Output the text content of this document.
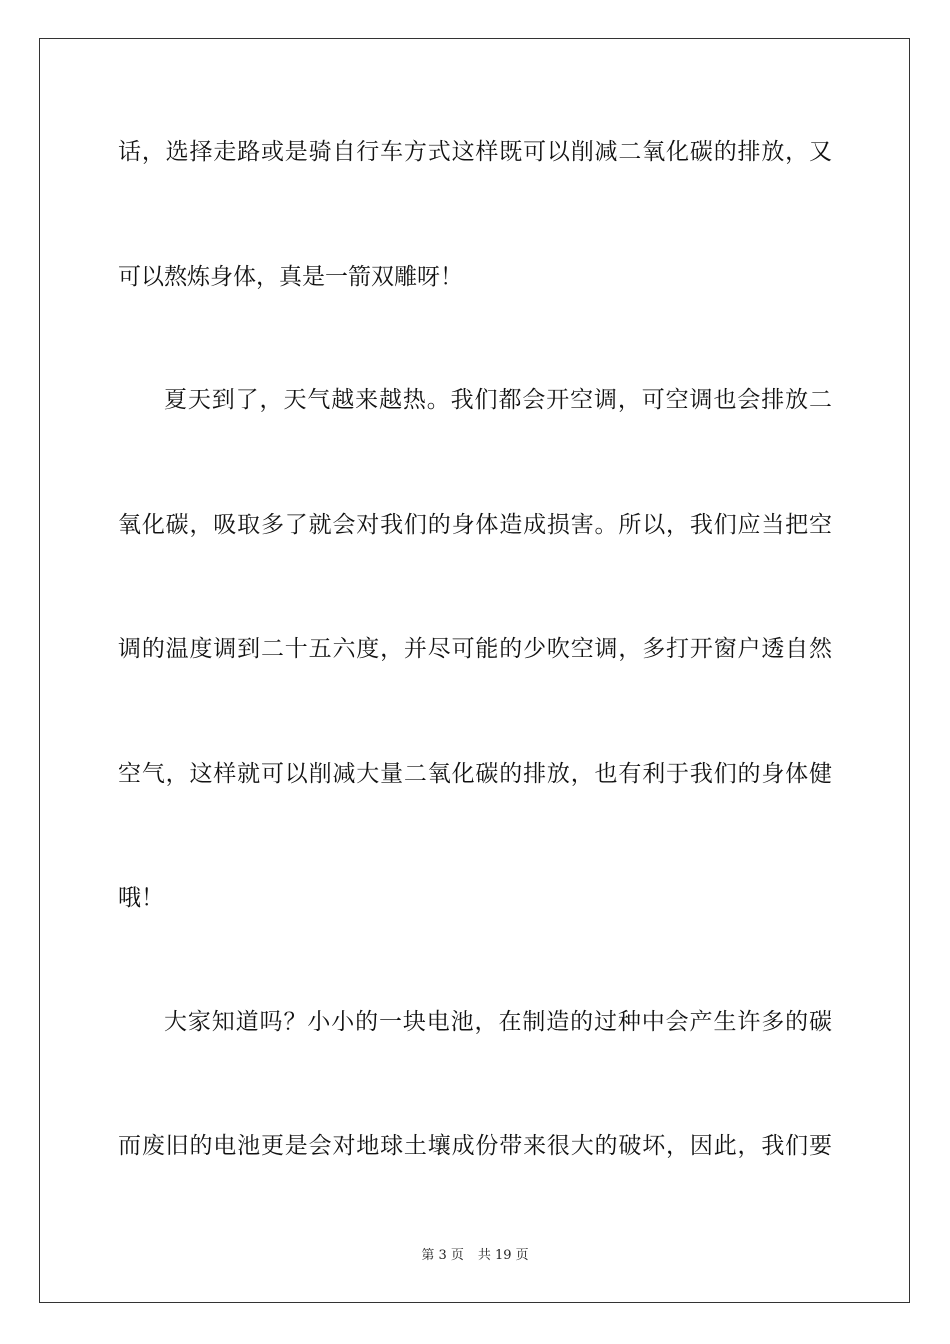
话，选择走路或是骑自行车方式这样既可以削减二氧化碳的排放，又
可以熬炼身体，真是一箭双雕呀！
夏天到了，天气越来越热。我们都会开空调，可空调也会排放二
氧化碳，吸取多了就会对我们的身体造成损害。所以，我们应当把空
调的温度调到二十五六度，并尽可能的少吹空调，多打开窗户透自然
空气，这样就可以削减大量二氧化碳的排放，也有利于我们的身体健
哦！
大家知道吗？小小的一块电池，在制造的过种中会产生许多的碳
而废旧的电池更是会对地球土壤成份带来很大的破坏，因此，我们要
第 3 页 共 19 页
